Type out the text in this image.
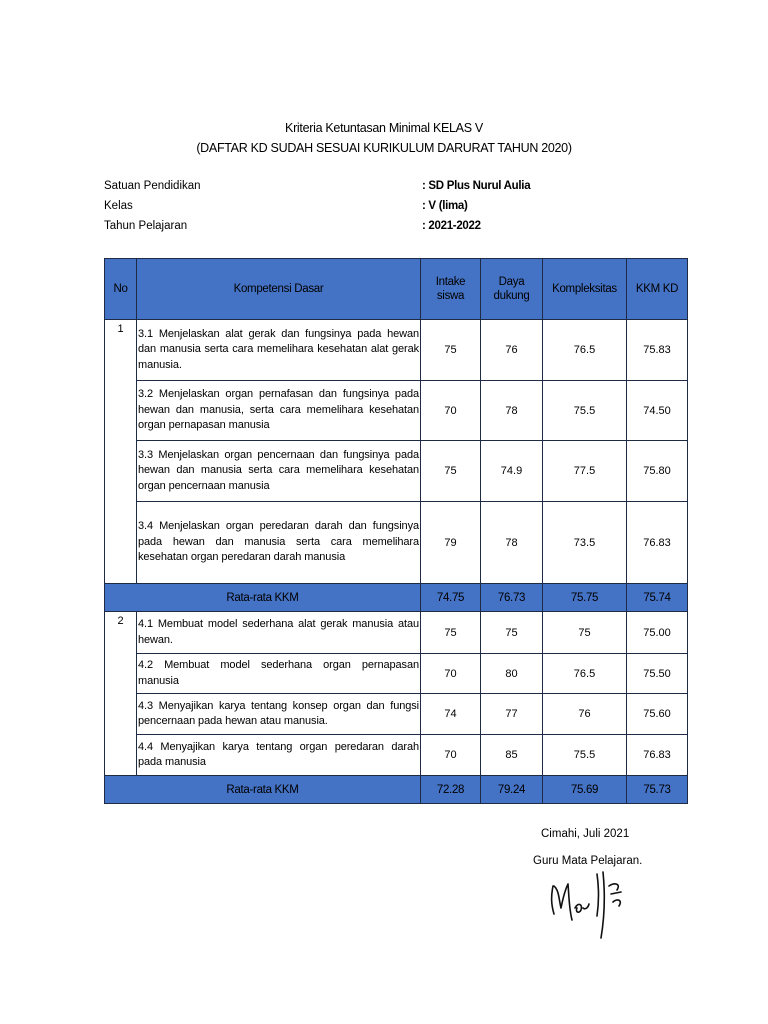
Kriteria Ketuntasan Minimal KELAS V
(DAFTAR KD SUDAH SESUAI KURIKULUM DARURAT TAHUN 2020)
Satuan Pendidikan	: SD Plus Nurul Aulia
Kelas	: V (lima)
Tahun Pelajaran	: 2021-2022
No	Kompetensi Dasar	Intake siswa	Daya dukung	Kompleksitas	KKM KD
1	3.1 Menjelaskan alat gerak dan fungsinya pada hewan dan manusia serta cara memelihara kesehatan alat gerak manusia.	75	76	76.5	75.83
	3.2 Menjelaskan organ pernafasan dan fungsinya pada hewan dan manusia, serta cara memelihara kesehatan organ pernapasan manusia	70	78	75.5	74.50
	3.3 Menjelaskan organ pencernaan dan fungsinya pada hewan dan manusia serta cara memelihara kesehatan organ pencernaan manusia	75	74.9	77.5	75.80
	3.4 Menjelaskan organ peredaran darah dan fungsinya pada hewan dan manusia serta cara memelihara kesehatan organ peredaran darah manusia	79	78	73.5	76.83
Rata-rata KKM		74.75	76.73	75.75	75.74
2	4.1 Membuat model sederhana alat gerak manusia atau hewan.	75	75	75	75.00
	4.2 Membuat model sederhana organ pernapasan manusia	70	80	76.5	75.50
	4.3 Menyajikan karya tentang konsep organ dan fungsi pencernaan pada hewan atau manusia.	74	77	76	75.60
	4.4 Menyajikan karya tentang organ peredaran darah pada manusia	70	85	75.5	76.83
Rata-rata KKM		72.28	79.24	75.69	75.73
Cimahi, Juli 2021
Guru Mata Pelajaran.
